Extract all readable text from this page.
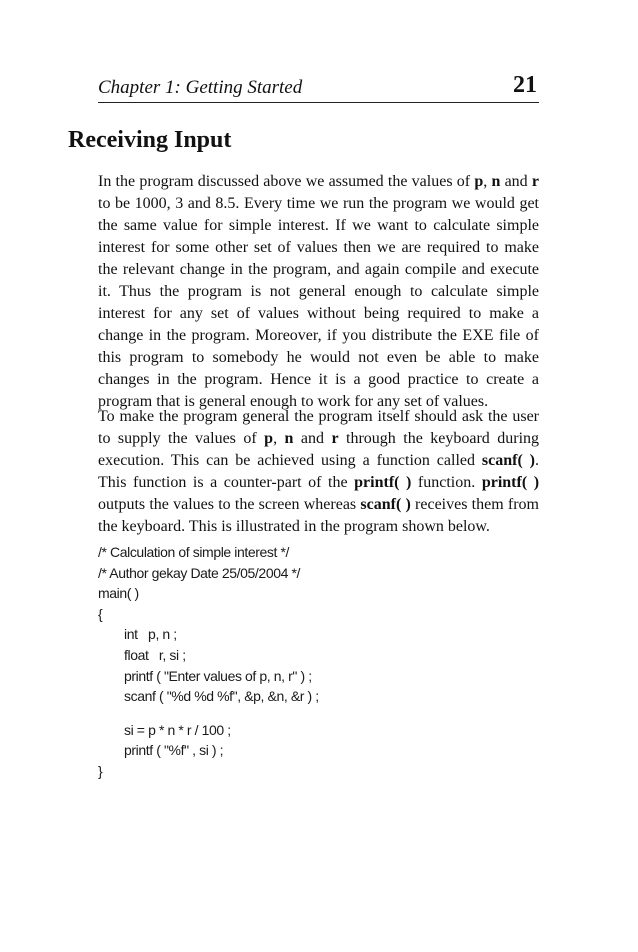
Chapter 1: Getting Started	21
Receiving Input

In the program discussed above we assumed the values of p, n and r to be 1000, 3 and 8.5. Every time we run the program we would get the same value for simple interest. If we want to calculate simple interest for some other set of values then we are required to make the relevant change in the program, and again compile and execute it. Thus the program is not general enough to calculate simple interest for any set of values without being required to make a change in the program. Moreover, if you distribute the EXE file of this program to somebody he would not even be able to make changes in the program. Hence it is a good practice to create a program that is general enough to work for any set of values.

To make the program general the program itself should ask the user to supply the values of p, n and r through the keyboard during execution. This can be achieved using a function called scanf( ). This function is a counter-part of the printf( ) function. printf( ) outputs the values to the screen whereas scanf( ) receives them from the keyboard. This is illustrated in the program shown below.

/* Calculation of simple interest */
/* Author gekay Date 25/05/2004 */
main( )
{
int   p, n ;
float   r, si ;
printf ( "Enter values of p, n, r" ) ;
scanf ( "%d %d %f", &p, &n, &r ) ;
si = p * n * r / 100 ;
printf ( "%f" , si ) ;
}
